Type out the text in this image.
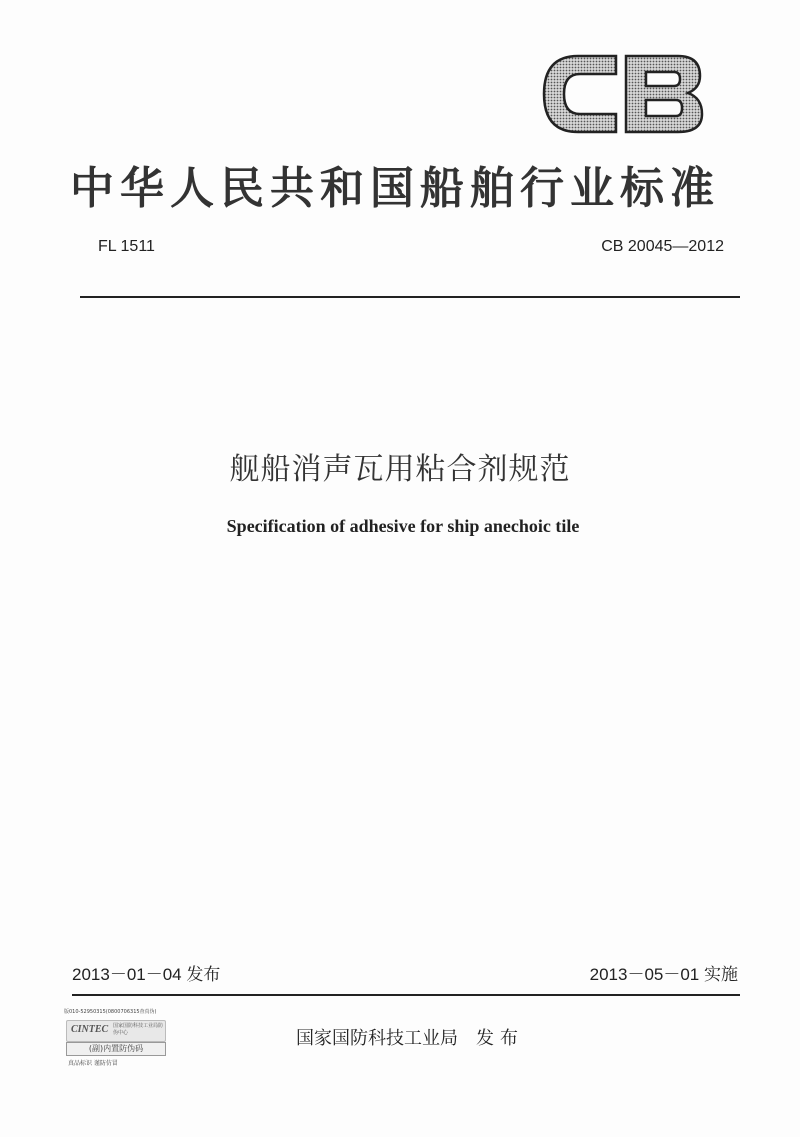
中华人民共和国船舶行业标准
FL 1511	CB 20045—2012
舰船消声瓦用粘合剂规范
Specification of adhesive for ship anechoic tile
2013－01－04 发布	2013－05－01 实施
版010-52950315(0800706315查真伪)
CINTEC 国家国防科技工业局防伪中心
(副)内置防伪码
真品标识 谨防仿冒
国家国防科技工业局 发布
